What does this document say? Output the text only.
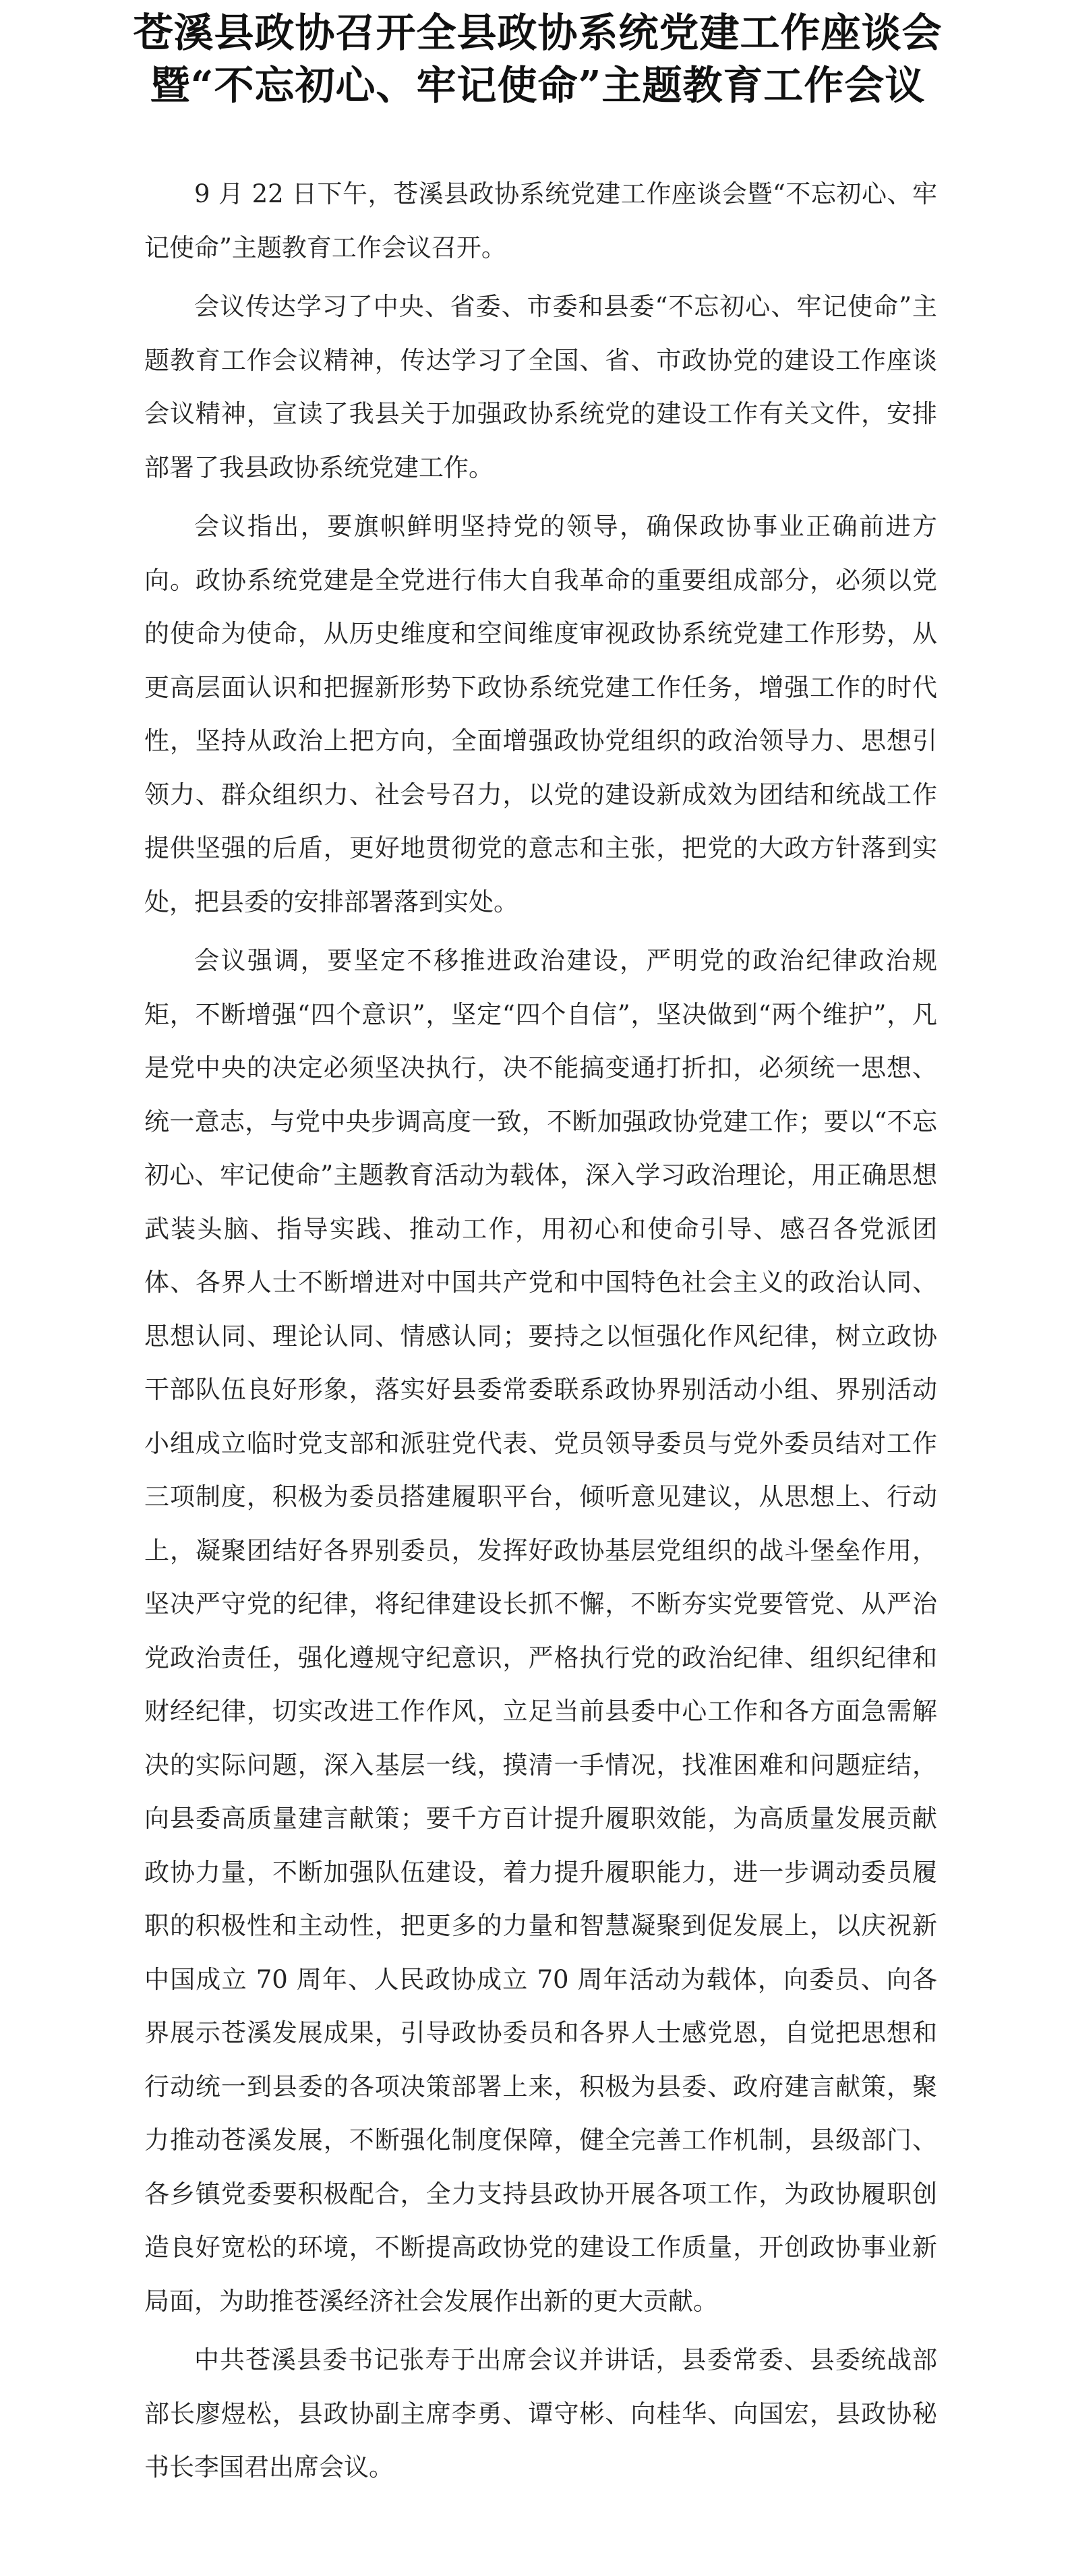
苍溪县政协召开全县政协系统党建工作座谈会
暨“不忘初心、牢记使命”主题教育工作会议

9 月 22 日下午，苍溪县政协系统党建工作座谈会暨“不忘初心、牢记使命”主题教育工作会议召开。

会议传达学习了中央、省委、市委和县委“不忘初心、牢记使命”主题教育工作会议精神，传达学习了全国、省、市政协党的建设工作座谈会议精神，宣读了我县关于加强政协系统党的建设工作有关文件，安排部署了我县政协系统党建工作。

会议指出，要旗帜鲜明坚持党的领导，确保政协事业正确前进方向。政协系统党建是全党进行伟大自我革命的重要组成部分，必须以党的使命为使命，从历史维度和空间维度审视政协系统党建工作形势，从更高层面认识和把握新形势下政协系统党建工作任务，增强工作的时代性，坚持从政治上把方向，全面增强政协党组织的政治领导力、思想引领力、群众组织力、社会号召力，以党的建设新成效为团结和统战工作提供坚强的后盾，更好地贯彻党的意志和主张，把党的大政方针落到实处，把县委的安排部署落到实处。

会议强调，要坚定不移推进政治建设，严明党的政治纪律政治规矩，不断增强“四个意识”，坚定“四个自信”，坚决做到“两个维护”，凡是党中央的决定必须坚决执行，决不能搞变通打折扣，必须统一思想、统一意志，与党中央步调高度一致，不断加强政协党建工作；要以“不忘初心、牢记使命”主题教育活动为载体，深入学习政治理论，用正确思想武装头脑、指导实践、推动工作，用初心和使命引导、感召各党派团体、各界人士不断增进对中国共产党和中国特色社会主义的政治认同、思想认同、理论认同、情感认同；要持之以恒强化作风纪律，树立政协干部队伍良好形象，落实好县委常委联系政协界别活动小组、界别活动小组成立临时党支部和派驻党代表、党员领导委员与党外委员结对工作三项制度，积极为委员搭建履职平台，倾听意见建议，从思想上、行动上，凝聚团结好各界别委员，发挥好政协基层党组织的战斗堡垒作用，坚决严守党的纪律，将纪律建设长抓不懈，不断夯实党要管党、从严治党政治责任，强化遵规守纪意识，严格执行党的政治纪律、组织纪律和财经纪律，切实改进工作作风，立足当前县委中心工作和各方面急需解决的实际问题，深入基层一线，摸清一手情况，找准困难和问题症结，向县委高质量建言献策；要千方百计提升履职效能，为高质量发展贡献政协力量，不断加强队伍建设，着力提升履职能力，进一步调动委员履职的积极性和主动性，把更多的力量和智慧凝聚到促发展上，以庆祝新中国成立 70 周年、人民政协成立 70 周年活动为载体，向委员、向各界展示苍溪发展成果，引导政协委员和各界人士感党恩，自觉把思想和行动统一到县委的各项决策部署上来，积极为县委、政府建言献策，聚力推动苍溪发展，不断强化制度保障，健全完善工作机制，县级部门、各乡镇党委要积极配合，全力支持县政协开展各项工作，为政协履职创造良好宽松的环境，不断提高政协党的建设工作质量，开创政协事业新局面，为助推苍溪经济社会发展作出新的更大贡献。

中共苍溪县委书记张寿于出席会议并讲话，县委常委、县委统战部部长廖煜松，县政协副主席李勇、谭守彬、向桂华、向国宏，县政协秘书长李国君出席会议。
